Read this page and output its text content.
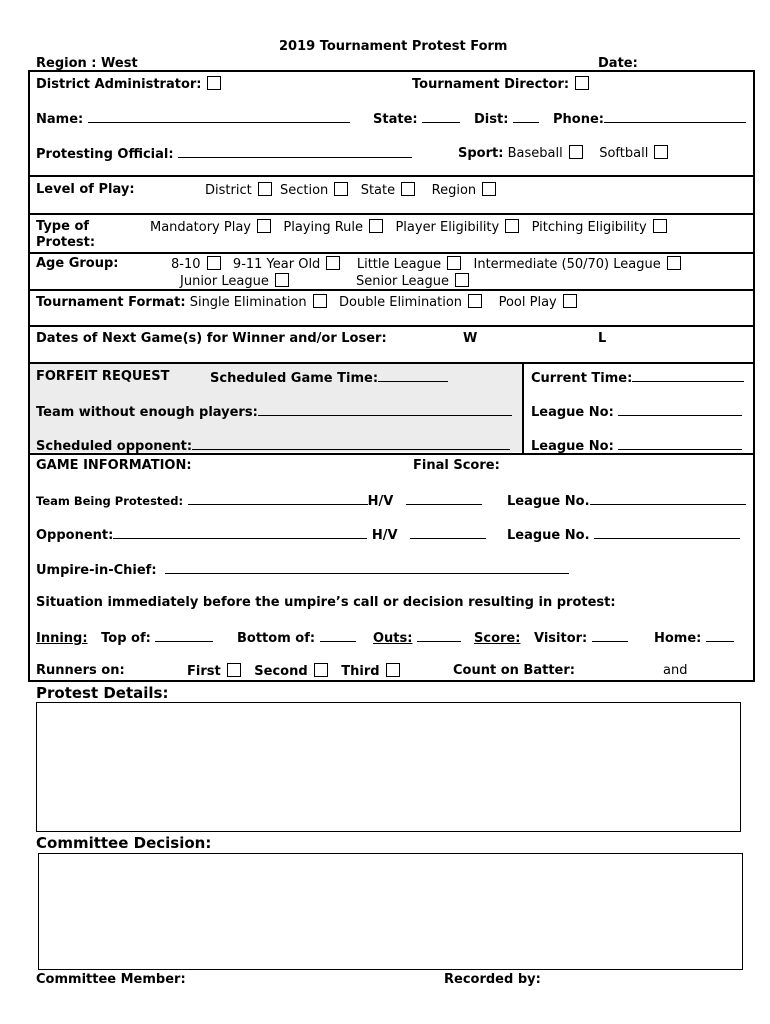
2019 Tournament Protest Form
Region : West	Date:
District Administrator:	Tournament Director:
Name:	State:	Dist:	Phone:
Protesting Official:	Sport: Baseball	Softball
Level of Play:	District Section State	Region
Type of
Protest:
Mandatory Play Playing Rule Player Eligibility Pitching Eligibility
Age Group:	8-10 9-11 Year Old	Little League Intermediate (50/70) League
Junior League	Senior League
Tournament Format: Single Elimination Double Elimination	Pool Play
Dates of Next Game(s) for Winner and/or Loser:	W	L
FORFEIT REQUEST	Scheduled Game Time:	Current Time:
Team without enough players:	League No:
Scheduled opponent:	League No:
GAME INFORMATION:	Final Score:
Team Being Protested:	H/V	League No.
Opponent:	H/V	League No.
Umpire-in-Chief:
Situation immediately before the umpire’s call or decision resulting in protest:
Inning: Top of:	Bottom of:	Outs:	Score: Visitor:	Home:
Runners on:	First	Second	Third	Count on Batter:	and
Protest Details:
Committee Decision:
Committee Member:	Recorded by:
